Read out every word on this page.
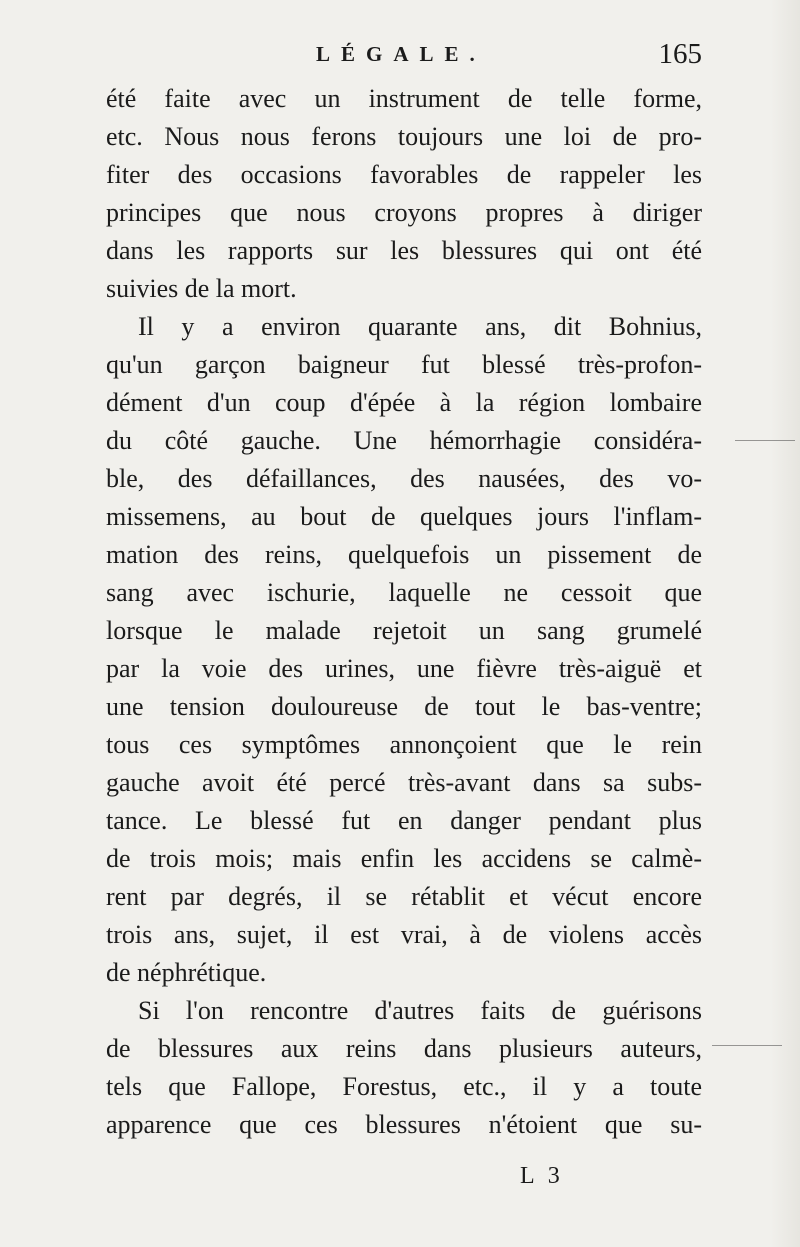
LÉGALE.	165
été faite avec un instrument de telle forme,
etc. Nous nous ferons toujours une loi de pro-
fiter des occasions favorables de rappeler les
principes que nous croyons propres à diriger
dans les rapports sur les blessures qui ont été
suivies de la mort.
Il y a environ quarante ans, dit Bohnius,
qu'un garçon baigneur fut blessé très-profon-
dément d'un coup d'épée à la région lombaire
du côté gauche. Une hémorrhagie considéra-
ble, des défaillances, des nausées, des vo-
missemens, au bout de quelques jours l'inflam-
mation des reins, quelquefois un pissement de
sang avec ischurie, laquelle ne cessoit que
lorsque le malade rejetoit un sang grumelé
par la voie des urines, une fièvre très-aiguë et
une tension douloureuse de tout le bas-ventre;
tous ces symptômes annonçoient que le rein
gauche avoit été percé très-avant dans sa subs-
tance. Le blessé fut en danger pendant plus
de trois mois; mais enfin les accidens se calmè-
rent par degrés, il se rétablit et vécut encore
trois ans, sujet, il est vrai, à de violens accès
de néphrétique.
Si l'on rencontre d'autres faits de guérisons
de blessures aux reins dans plusieurs auteurs,
tels que Fallope, Forestus, etc., il y a toute
apparence que ces blessures n'étoient que su-
L 3
